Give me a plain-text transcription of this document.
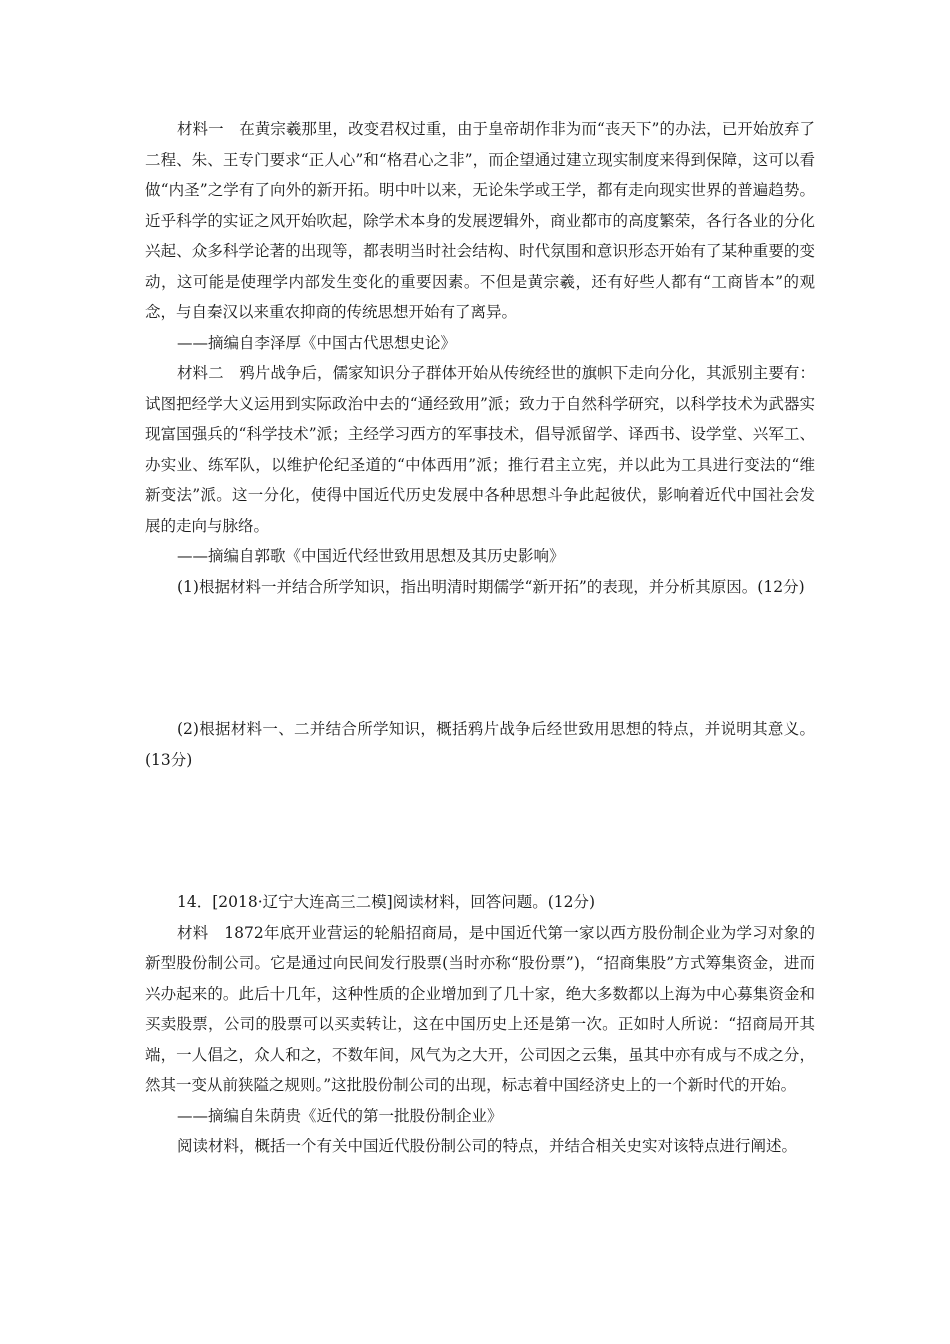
材料一　在黄宗羲那里，改变君权过重，由于皇帝胡作非为而“丧天下”的办法，已开始放弃了二程、朱、王专门要求“正人心”和“格君心之非”，而企望通过建立现实制度来得到保障，这可以看做“内圣”之学有了向外的新开拓。明中叶以来，无论朱学或王学，都有走向现实世界的普遍趋势。近乎科学的实证之风开始吹起，除学术本身的发展逻辑外，商业都市的高度繁荣，各行各业的分化兴起、众多科学论著的出现等，都表明当时社会结构、时代氛围和意识形态开始有了某种重要的变动，这可能是使理学内部发生变化的重要因素。不但是黄宗羲，还有好些人都有“工商皆本”的观念，与自秦汉以来重农抑商的传统思想开始有了离异。

——摘编自李泽厚《中国古代思想史论》

材料二　鸦片战争后，儒家知识分子群体开始从传统经世的旗帜下走向分化，其派别主要有：试图把经学大义运用到实际政治中去的“通经致用”派；致力于自然科学研究，以科学技术为武器实现富国强兵的“科学技术”派；主经学习西方的军事技术，倡导派留学、译西书、设学堂、兴军工、办实业、练军队，以维护伦纪圣道的“中体西用”派；推行君主立宪，并以此为工具进行变法的“维新变法”派。这一分化，使得中国近代历史发展中各种思想斗争此起彼伏，影响着近代中国社会发展的走向与脉络。

——摘编自郭歌《中国近代经世致用思想及其历史影响》

(1)根据材料一并结合所学知识，指出明清时期儒学“新开拓”的表现，并分析其原因。(12分)

(2)根据材料一、二并结合所学知识，概括鸦片战争后经世致用思想的特点，并说明其意义。(13分)

14．[2018·辽宁大连高三二模]阅读材料，回答问题。(12分)

材料　1872年底开业营运的轮船招商局，是中国近代第一家以西方股份制企业为学习对象的新型股份制公司。它是通过向民间发行股票(当时亦称“股份票”)，“招商集股”方式筹集资金，进而兴办起来的。此后十几年，这种性质的企业增加到了几十家，绝大多数都以上海为中心募集资金和买卖股票，公司的股票可以买卖转让，这在中国历史上还是第一次。正如时人所说：“招商局开其端，一人倡之，众人和之，不数年间，风气为之大开，公司因之云集，虽其中亦有成与不成之分，然其一变从前狭隘之规则。”这批股份制公司的出现，标志着中国经济史上的一个新时代的开始。

——摘编自朱荫贵《近代的第一批股份制企业》

阅读材料，概括一个有关中国近代股份制公司的特点，并结合相关史实对该特点进行阐述。
